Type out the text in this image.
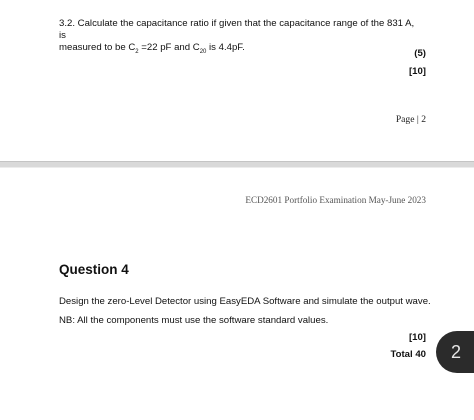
3.2. Calculate the capacitance ratio if given that the capacitance range of the 831 A, is
measured to be $C_2 =22$ pF and $C_{20}$ is 4.4pF.
(5)
[10]
Page | 2
ECD2601 Portfolio Examination May-June 2023
Question 4
Design the zero-Level Detector using EasyEDA Software and simulate the output wave.
NB: All the components must use the software standard values.
[10]
Total 40 2
